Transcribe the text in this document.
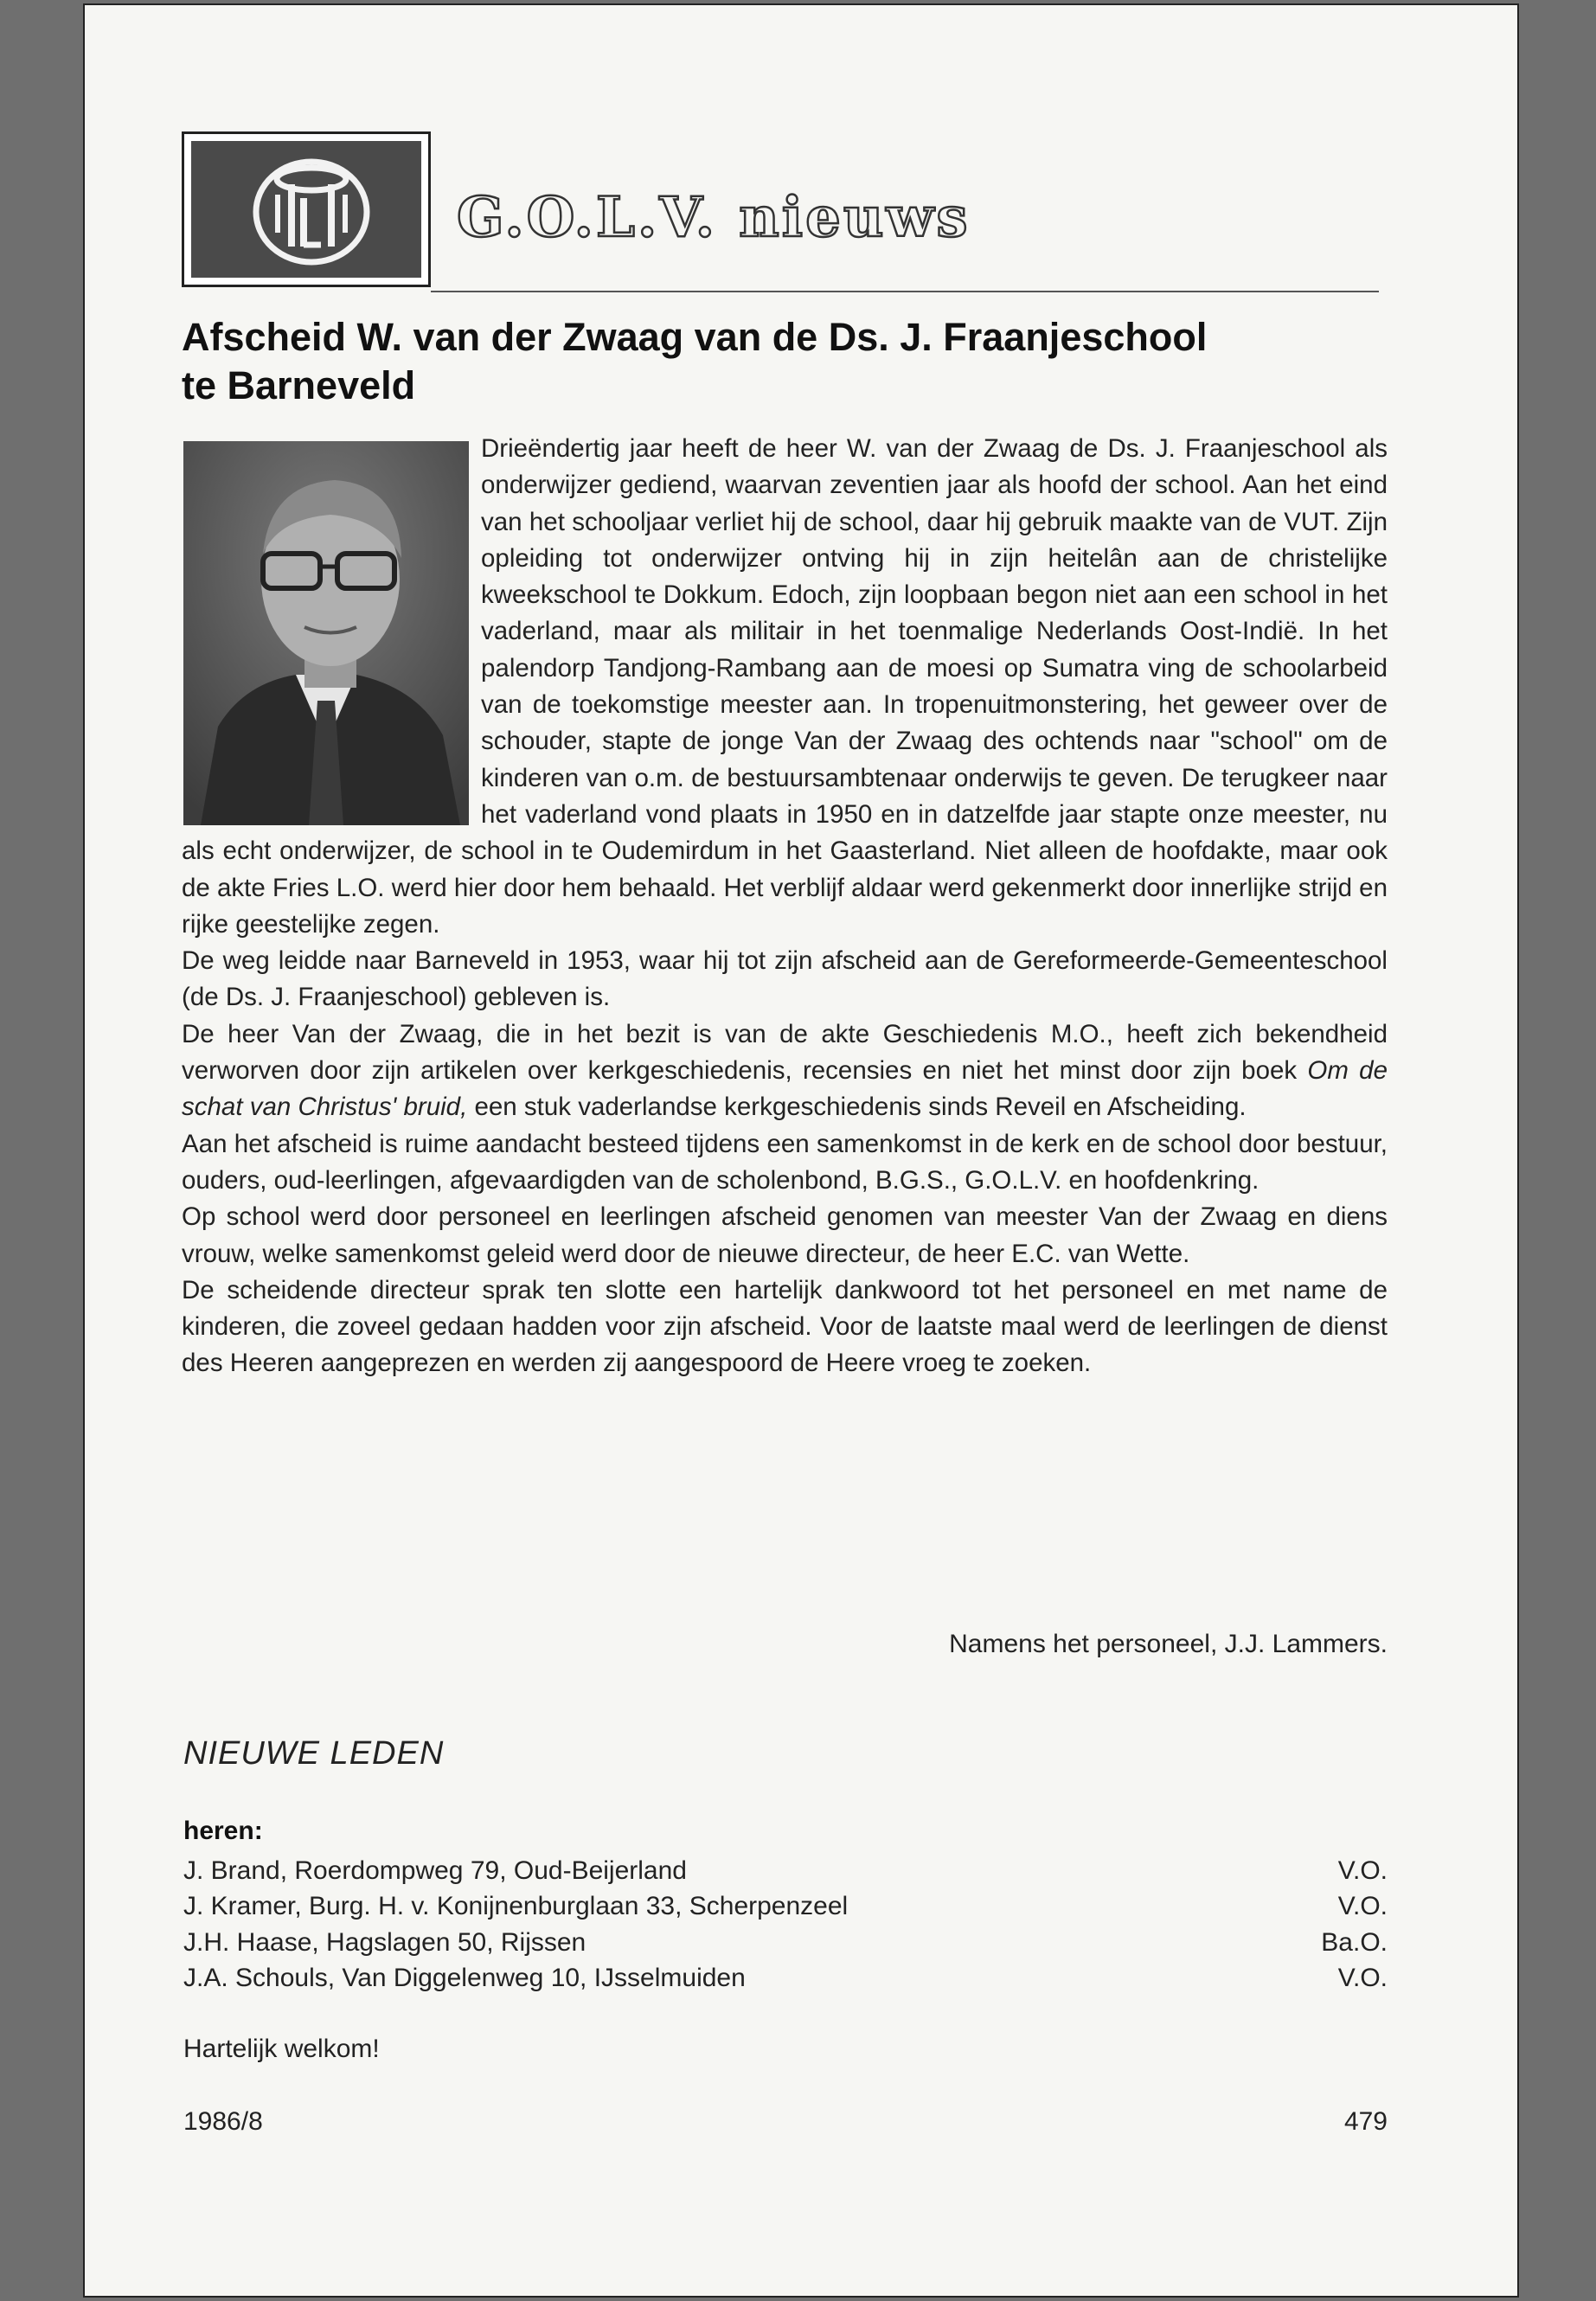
G.O.L.V. nieuws
Afscheid W. van der Zwaag van de Ds. J. Fraanjeschool
te Barneveld

Drieëndertig jaar heeft de heer W. van der Zwaag de Ds. J. Fraanjeschool als onderwijzer gediend, waarvan zeventien jaar als hoofd der school. Aan het eind van het schooljaar verliet hij de school, daar hij gebruik maakte van de VUT. Zijn opleiding tot onderwijzer ontving hij in zijn heitelân aan de christelijke kweekschool te Dokkum. Edoch, zijn loopbaan begon niet aan een school in het vaderland, maar als militair in het toenmalige Nederlands Oost-Indië. In het palendorp Tandjong-Rambang aan de moesi op Sumatra ving de schoolarbeid van de toekomstige meester aan. In tropenuitmonstering, het geweer over de schouder, stapte de jonge Van der Zwaag des ochtends naar "school" om de kinderen van o.m. de bestuursambtenaar onderwijs te geven. De terugkeer naar het vaderland vond plaats in 1950 en in datzelfde jaar stapte onze meester, nu als echt onderwijzer, de school in te Oudemirdum in het Gaasterland. Niet alleen de hoofdakte, maar ook de akte Fries L.O. werd hier door hem behaald. Het verblijf aldaar werd gekenmerkt door innerlijke strijd en rijke geestelijke zegen.

De weg leidde naar Barneveld in 1953, waar hij tot zijn afscheid aan de Gereformeerde-Gemeenteschool (de Ds. J. Fraanjeschool) gebleven is.

De heer Van der Zwaag, die in het bezit is van de akte Geschiedenis M.O., heeft zich bekendheid verworven door zijn artikelen over kerkgeschiedenis, recensies en niet het minst door zijn boek Om de schat van Christus' bruid, een stuk vaderlandse kerkgeschiedenis sinds Reveil en Afscheiding.

Aan het afscheid is ruime aandacht besteed tijdens een samenkomst in de kerk en de school door bestuur, ouders, oud-leerlingen, afgevaardigden van de scholenbond, B.G.S., G.O.L.V. en hoofdenkring.

Op school werd door personeel en leerlingen afscheid genomen van meester Van der Zwaag en diens vrouw, welke samenkomst geleid werd door de nieuwe directeur, de heer E.C. van Wette.

De scheidende directeur sprak ten slotte een hartelijk dankwoord tot het personeel en met name de kinderen, die zoveel gedaan hadden voor zijn afscheid. Voor de laatste maal werd de leerlingen de dienst des Heeren aangeprezen en werden zij aangespoord de Heere vroeg te zoeken.

Namens het personeel, J.J. Lammers.
NIEUWE LEDEN
heren:
J. Brand, Roerdompweg 79, Oud-Beijerland	V.O.
J. Kramer, Burg. H. v. Konijnenburglaan 33, Scherpenzeel	V.O.
J.H. Haase, Hagslagen 50, Rijssen	Ba.O.
J.A. Schouls, Van Diggelenweg 10, IJsselmuiden	V.O.
Hartelijk welkom!
1986/8	479
